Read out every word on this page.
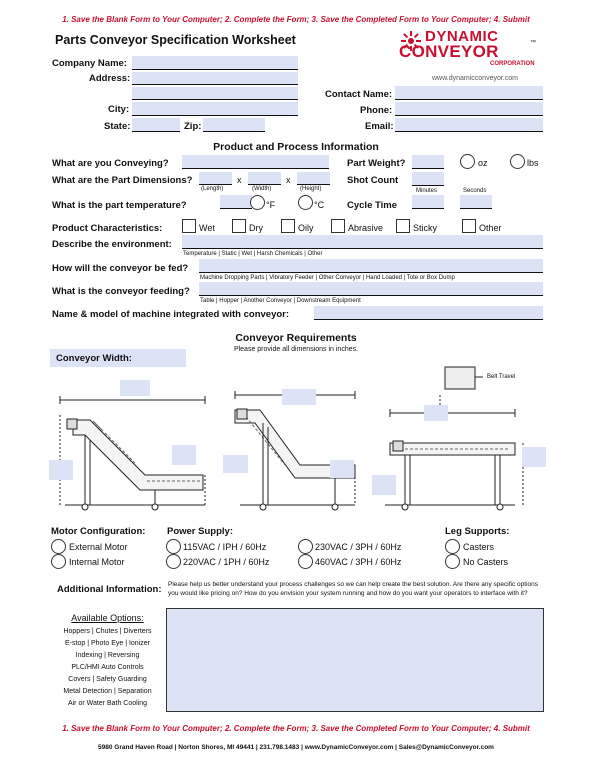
1. Save the Blank Form to Your Computer; 2. Complete the Form; 3. Save the Completed Form to Your Computer; 4. Submit
Parts Conveyor Specification Worksheet	DYNAMIC
CONVEYOR	™
CORPORATION
www.dynamicconveyor.com
Company Name:
Address:
City:
State:	Zip:
Contact Name:
Phone:
Email:
Product and Process Information
What are you Conveying?	Part Weight?	oz	lbs
What are the Part Dimensions?	x	x
(Length)	(Width)	(Height)
Shot Count
What is the part temperature?	°F	°C Cycle Time
Minutes	Seconds
Product Characteristics:	Wet	Dry	Oily	Abrasive	Sticky	Other
Describe the environment:
Temperature | Static | Wet | Harsh Chemicals | Other
How will the conveyor be fed?
Machine Dropping Parts | Vibratory Feeder | Other Conveyor | Hand Loaded | Tote or Box Dump
What is the conveyor feeding?
Table | Hopper | Another Conveyor | Downstream Equipment
Name & model of machine integrated with conveyor:
Conveyor Requirements
Please provide all dimensions in inches.
Conveyor Width:
Belt Travel
Motor Configuration:
External Motor
Internal Motor
Power Supply:
115VAC / IPH / 60Hz	230VAC / 3PH / 60Hz
220VAC / 1PH / 60Hz	460VAC / 3PH / 60Hz
Leg Supports:
Casters
No Casters
Additional Information: Please help us better understand your process challenges so we can help create the best solution. Are there any specific options you would like pricing on? How do you envision your system running and how do you want your operators to interface with it?
Available Options:
Hoppers | Chutes | Diverters
E-stop | Photo Eye | Ionizer
Indexing | Reversing
PLC/HMI Auto Controls
Covers | Safety Guarding
Metal Detection | Separation
Air or Water Bath Cooling
1. Save the Blank Form to Your Computer; 2. Complete the Form; 3. Save the Completed Form to Your Computer; 4. Submit
5980 Grand Haven Road | Norton Shores, MI 49441 | 231.798.1483 | www.DynamicConveyor.com | Sales@DynamicConveyor.com
